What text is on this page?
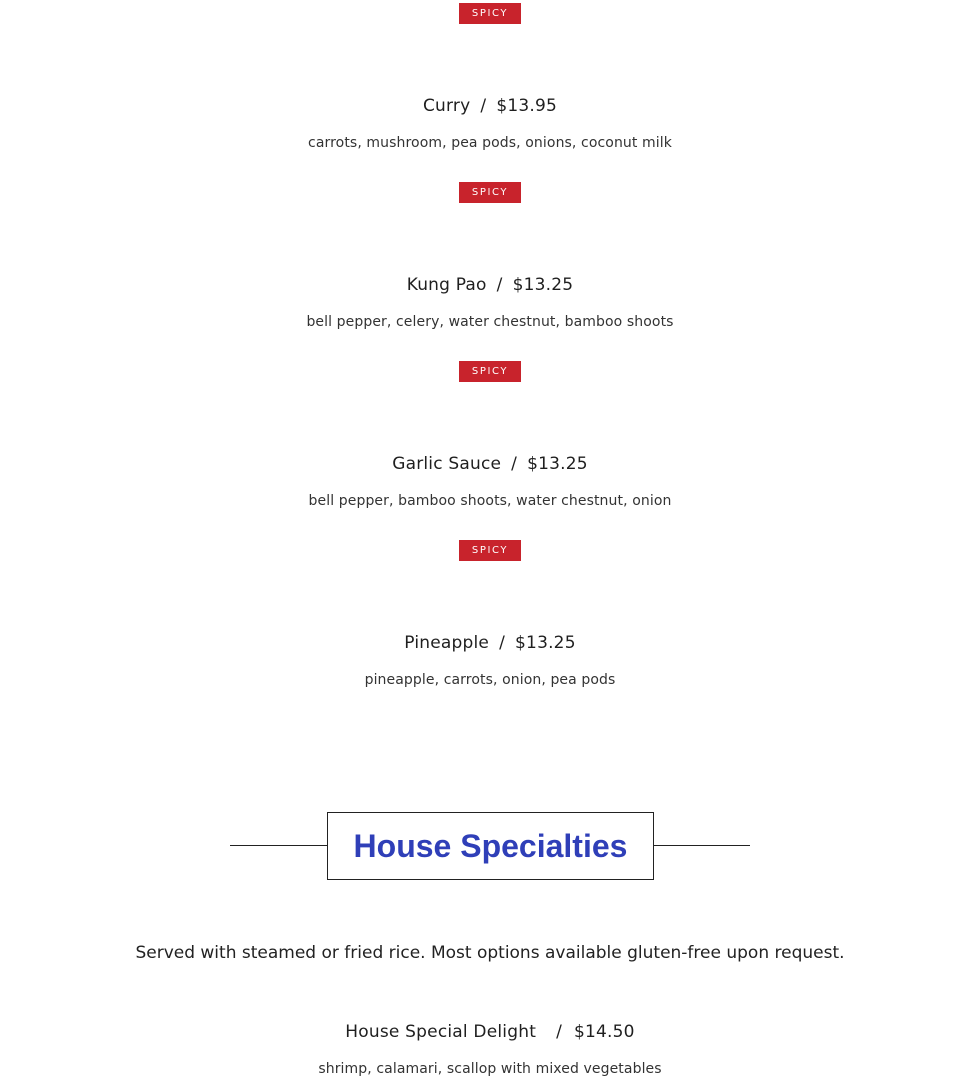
SPICY
Curry / $13.95
carrots, mushroom, pea pods, onions, coconut milk
SPICY
Kung Pao / $13.25
bell pepper, celery, water chestnut, bamboo shoots
SPICY
Garlic Sauce / $13.25
bell pepper, bamboo shoots, water chestnut, onion
SPICY
Pineapple / $13.25
pineapple, carrots, onion, pea pods
House Specialties
Served with steamed or fried rice. Most options available gluten-free upon request.
House Special Delight / $14.50
shrimp, calamari, scallop with mixed vegetables
